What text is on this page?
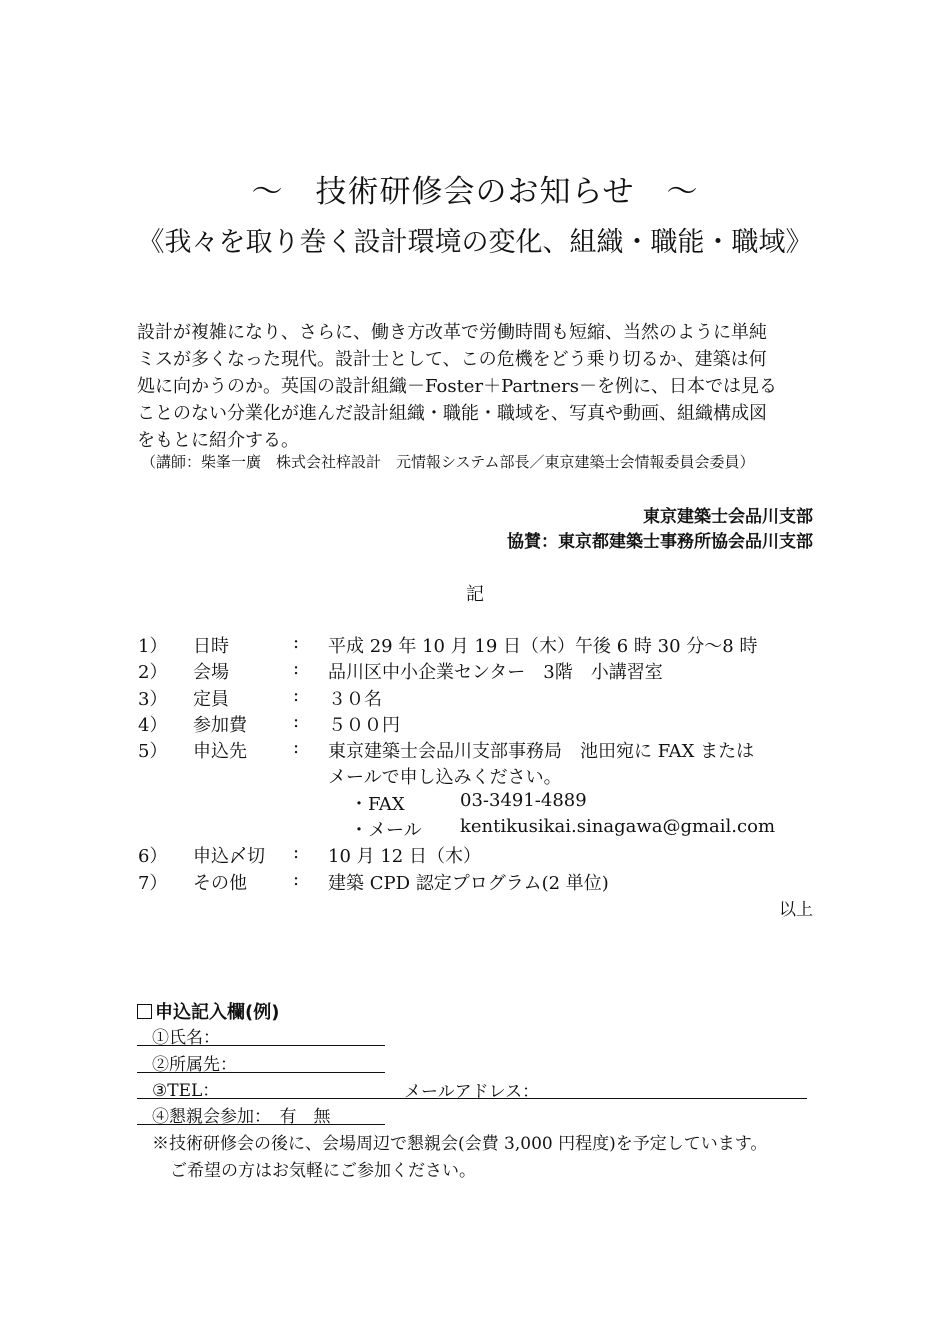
～　技術研修会のお知らせ　～
《我々を取り巻く設計環境の変化、組織・職能・職域》
設計が複雑になり、さらに、働き方改革で労働時間も短縮、当然のように単純
ミスが多くなった現代。設計士として、この危機をどう乗り切るか、建築は何
処に向かうのか。英国の設計組織－Foster＋Partners－を例に、日本では見る
ことのない分業化が進んだ設計組織・職能・職域を、写真や動画、組織構成図
をもとに紹介する。
（講師：柴峯一廣　株式会社梓設計　元情報システム部長／東京建築士会情報委員会委員）
東京建築士会品川支部
協賛：東京都建築士事務所協会品川支部
記
1） 日時	: 平成 29 年 10 月 19 日（木）午後 6 時 30 分～8 時
2） 会場	: 品川区中小企業センター　3階　小講習室
3） 定員	: ３０名
4） 参加費	: ５００円
5） 申込先	: 東京建築士会品川支部事務局　池田宛に FAX または
メールで申し込みください。
・FAX	03-3491-4889
・メール kentikusikai.sinagawa@gmail.com
6） 申込〆切 : 10 月 12 日（木）
7） その他	: 建築 CPD 認定プログラム(2 単位)
以上
申込記入欄(例)
①氏名：
②所属先：
③TEL：	メールアドレス：
④懇親会参加：　有　無
※技術研修会の後に、会場周辺で懇親会(会費 3,000 円程度)を予定しています。
ご希望の方はお気軽にご参加ください。
